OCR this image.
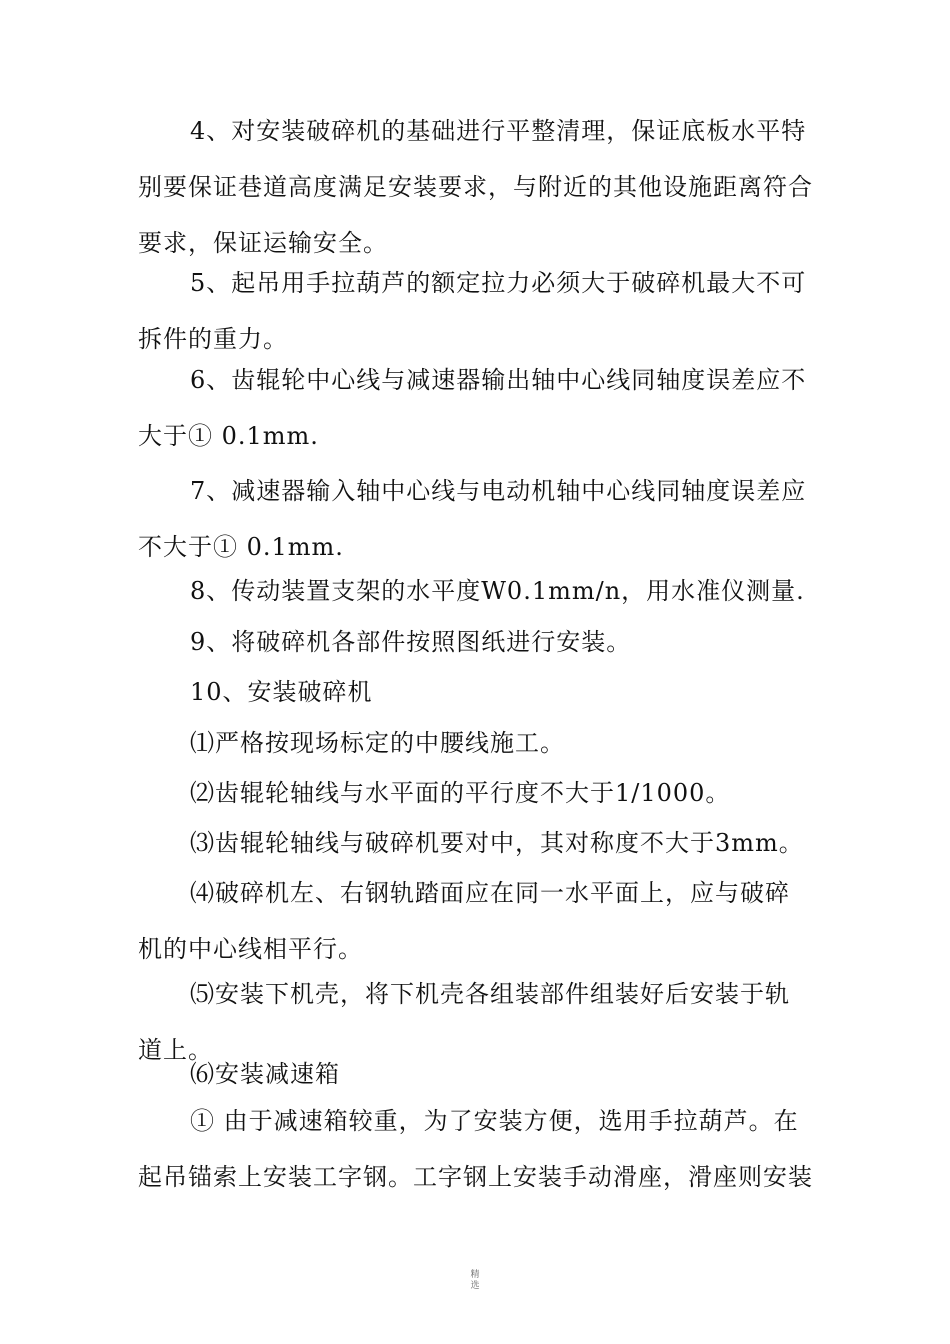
4、对安装破碎机的基础进行平整清理，保证底板水平特
别要保证巷道高度满足安装要求，与附近的其他设施距离符合
要求，保证运输安全。

5、起吊用手拉葫芦的额定拉力必须大于破碎机最大不可
拆件的重力。

6、齿辊轮中心线与减速器输出轴中心线同轴度误差应不
大于① 0.1mm.

7、减速器输入轴中心线与电动机轴中心线同轴度误差应
不大于① 0.1mm.

8、传动装置支架的水平度W0.1mm/n，用水准仪测量.

9、将破碎机各部件按照图纸进行安装。

10、安装破碎机

⑴严格按现场标定的中腰线施工。

⑵齿辊轮轴线与水平面的平行度不大于1/1000。

⑶齿辊轮轴线与破碎机要对中，其对称度不大于3mm。

⑷破碎机左、右钢轨踏面应在同一水平面上，应与破碎
机的中心线相平行。

⑸安装下机壳，将下机壳各组装部件组装好后安装于轨
道上。

⑹安装减速箱

① 由于减速箱较重，为了安装方便，选用手拉葫芦。在
起吊锚索上安装工字钢。工字钢上安装手动滑座，滑座则安装

精
选
